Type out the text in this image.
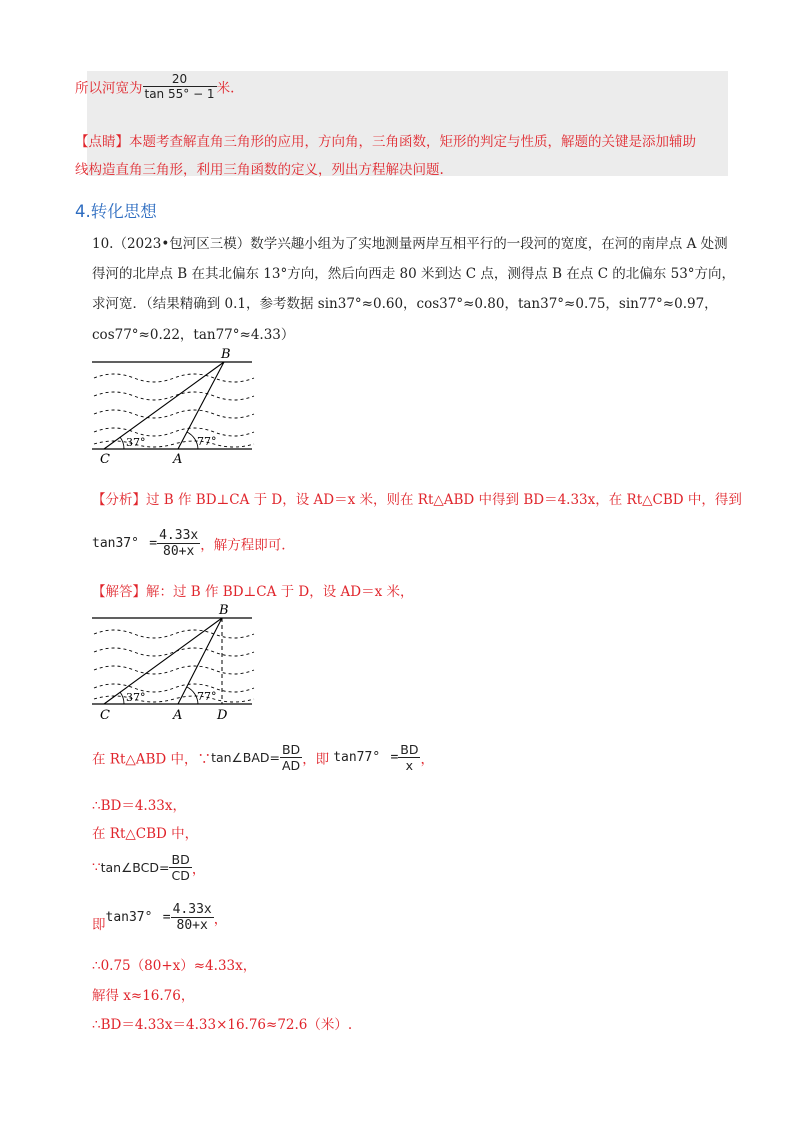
所以河宽为 $\frac{20}{\tan 55^\circ - 1}$ 米.
【点睛】本题考查解直角三角形的应用，方向角，三角函数，矩形的判定与性质，解题的关键是添加辅助
线构造直角三角形，利用三角函数的定义，列出方程解决问题.
4.转化思想
10.（2023•包河区三模）数学兴趣小组为了实地测量两岸互相平行的一段河的宽度，在河的南岸点 A 处测
得河的北岸点 B 在其北偏东 13°方向，然后向西走 80 米到达 C 点，测得点 B 在点 C 的北偏东 53°方向，
求河宽．（结果精确到 0.1，参考数据 sin37°≈0.60，cos37°≈0.80，tan37°≈0.75，sin77°≈0.97，
cos77°≈0.22，tan77°≈4.33）
B
C	A
37°	77°
【分析】过 B 作 BD⊥CA 于 D，设 AD＝x 米，则在 Rt△ABD 中得到 BD＝4.33x，在 Rt△CBD 中，得到
$\tan 37^\circ = \frac{4.33x}{80+x}$ ，解方程即可.
【解答】解：过 B 作 BD⊥CA 于 D，设 AD＝x 米，
B
C	A	D
37°	77°
在 Rt△ABD 中，∵tan∠BAD= $\frac{BD}{AD}$ ，即 $\tan 77^\circ = \frac{BD}{x}$ ，
∴BD＝4.33x，
在 Rt△CBD 中，
∵tan∠BCD= $\frac{BD}{CD}$ ，
即$\tan 37^\circ = \frac{4.33x}{80+x}$ ，
∴0.75（80+x）≈4.33x，
解得 x≈16.76，
∴BD＝4.33x＝4.33×16.76≈72.6（米）.
